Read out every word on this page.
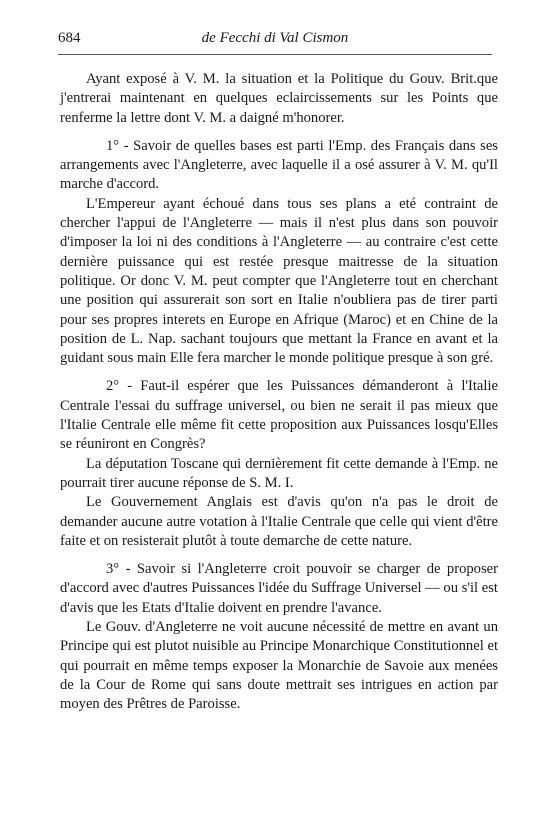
684	de Fecchi di Val Cismon

Ayant exposé à V. M. la situation et la Politique du Gouv. Brit.que j'entrerai maintenant en quelques eclaircissements sur les Points que renferme la lettre dont V. M. a daigné m'honorer.

1° - Savoir de quelles bases est parti l'Emp. des Français dans ses arrangements avec l'Angleterre, avec laquelle il a osé assurer à V. M. qu'Il marche d'accord.

L'Empereur ayant échoué dans tous ses plans a eté contraint de chercher l'appui de l'Angleterre — mais il n'est plus dans son pouvoir d'imposer la loi ni des conditions à l'Angleterre — au contraire c'est cette dernière puissance qui est restée presque maitresse de la situation politique. Or donc V. M. peut compter que l'Angleterre tout en cherchant une position qui assurerait son sort en Italie n'oubliera pas de tirer parti pour ses propres interets en Europe en Afrique (Maroc) et en Chine de la position de L. Nap. sachant toujours que mettant la France en avant et la guidant sous main Elle fera marcher le monde politique presque à son gré.

2° - Faut-il espérer que les Puissances démanderont à l'Italie Centrale l'essai du suffrage universel, ou bien ne serait il pas mieux que l'Italie Centrale elle même fit cette proposition aux Puissances losqu'Elles se réuniront en Congrès?

La députation Toscane qui dernièrement fit cette demande à l'Emp. ne pourrait tirer aucune réponse de S. M. I.

Le Gouvernement Anglais est d'avis qu'on n'a pas le droit de demander aucune autre votation à l'Italie Centrale que celle qui vient d'être faite et on resisterait plutôt à toute demarche de cette nature.

3° - Savoir si l'Angleterre croit pouvoir se charger de proposer d'accord avec d'autres Puissances l'idée du Suffrage Universel — ou s'il est d'avis que les Etats d'Italie doivent en prendre l'avance.

Le Gouv. d'Angleterre ne voit aucune nécessité de mettre en avant un Principe qui est plutot nuisible au Principe Monarchique Constitutionnel et qui pourrait en même temps exposer la Monarchie de Savoie aux menées de la Cour de Rome qui sans doute mettrait ses intrigues en action par moyen des Prêtres de Paroisse.
